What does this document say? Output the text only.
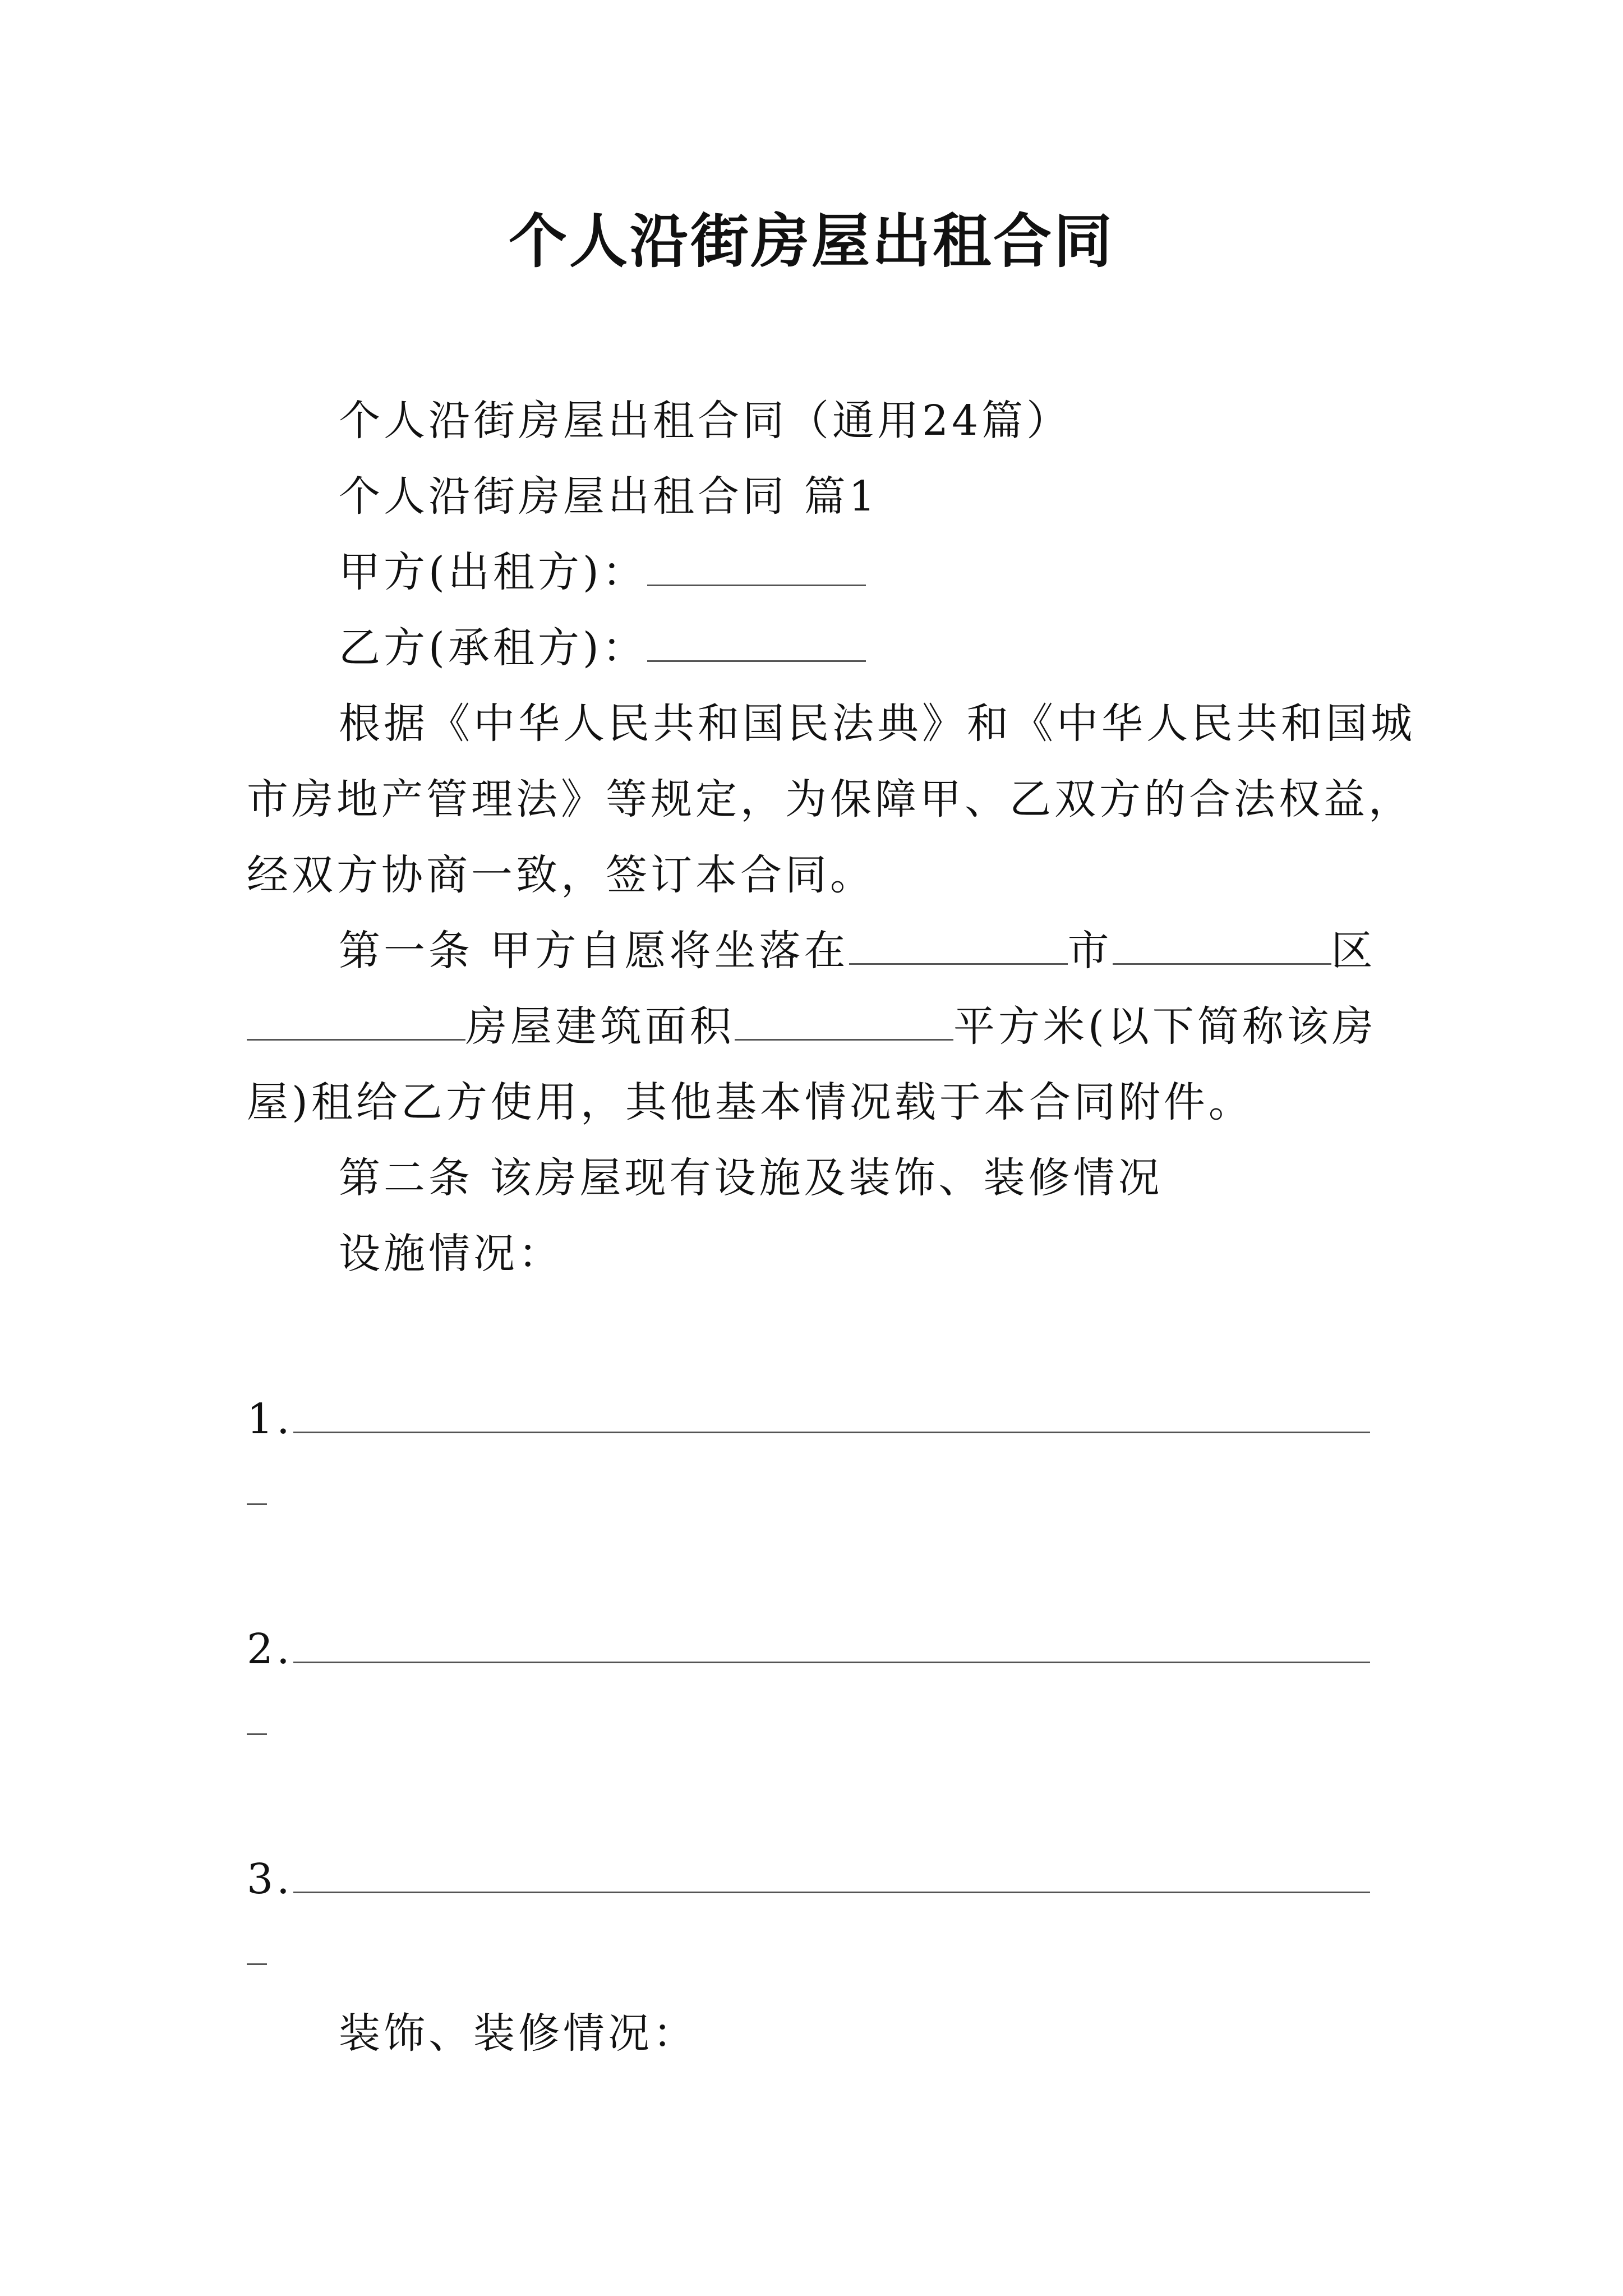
个人沿街房屋出租合同
个人沿街房屋出租合同（通用24篇）
个人沿街房屋出租合同 篇1
甲方(出租方)：
乙方(承租方)：
根据《中华人民共和国民法典》和《中华人民共和国城
市房地产管理法》等规定，为保障甲、乙双方的合法权益，
经双方协商一致，签订本合同。
第一条 甲方自愿将坐落在	市	区
房屋建筑面积	平方米(以下简称该房
屋)租给乙方使用，其他基本情况载于本合同附件。
第二条 该房屋现有设施及装饰、装修情况
设施情况：
1.
2.
3.
装饰、装修情况：
